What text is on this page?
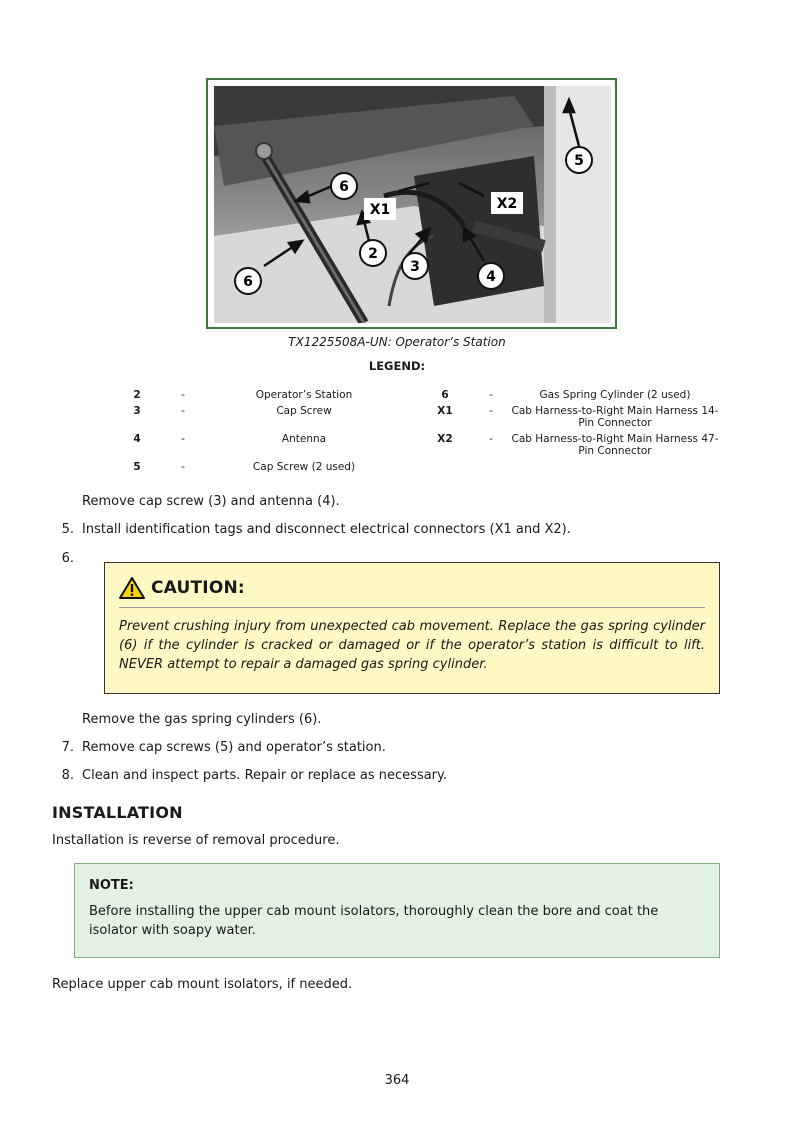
5
6
X1	X2
2
3
4
6
TX1225508A-UN: Operator’s Station
LEGEND:
2	-	Operator’s Station
3	-	Cap Screw
4	-	Antenna
5	-	Cap Screw (2 used)
6	-	Gas Spring Cylinder (2 used)
X1	-	Cab Harness-to-Right Main Harness 14-
Pin Connector
X2	-	Cab Harness-to-Right Main Harness 47-
Pin Connector
Remove cap screw (3) and antenna (4).
5. Install identification tags and disconnect electrical connectors (X1 and X2).
6.
CAUTION:
Prevent crushing injury from unexpected cab movement. Replace the gas spring cylinder (6) if the cylinder is cracked or damaged or if the operator’s station is difficult to lift. NEVER attempt to repair a damaged gas spring cylinder.
Remove the gas spring cylinders (6).
7. Remove cap screws (5) and operator’s station.
8. Clean and inspect parts. Repair or replace as necessary.
INSTALLATION
Installation is reverse of removal procedure.
NOTE:
Before installing the upper cab mount isolators, thoroughly clean the bore and coat the isolator with soapy water.
Replace upper cab mount isolators, if needed.
364
